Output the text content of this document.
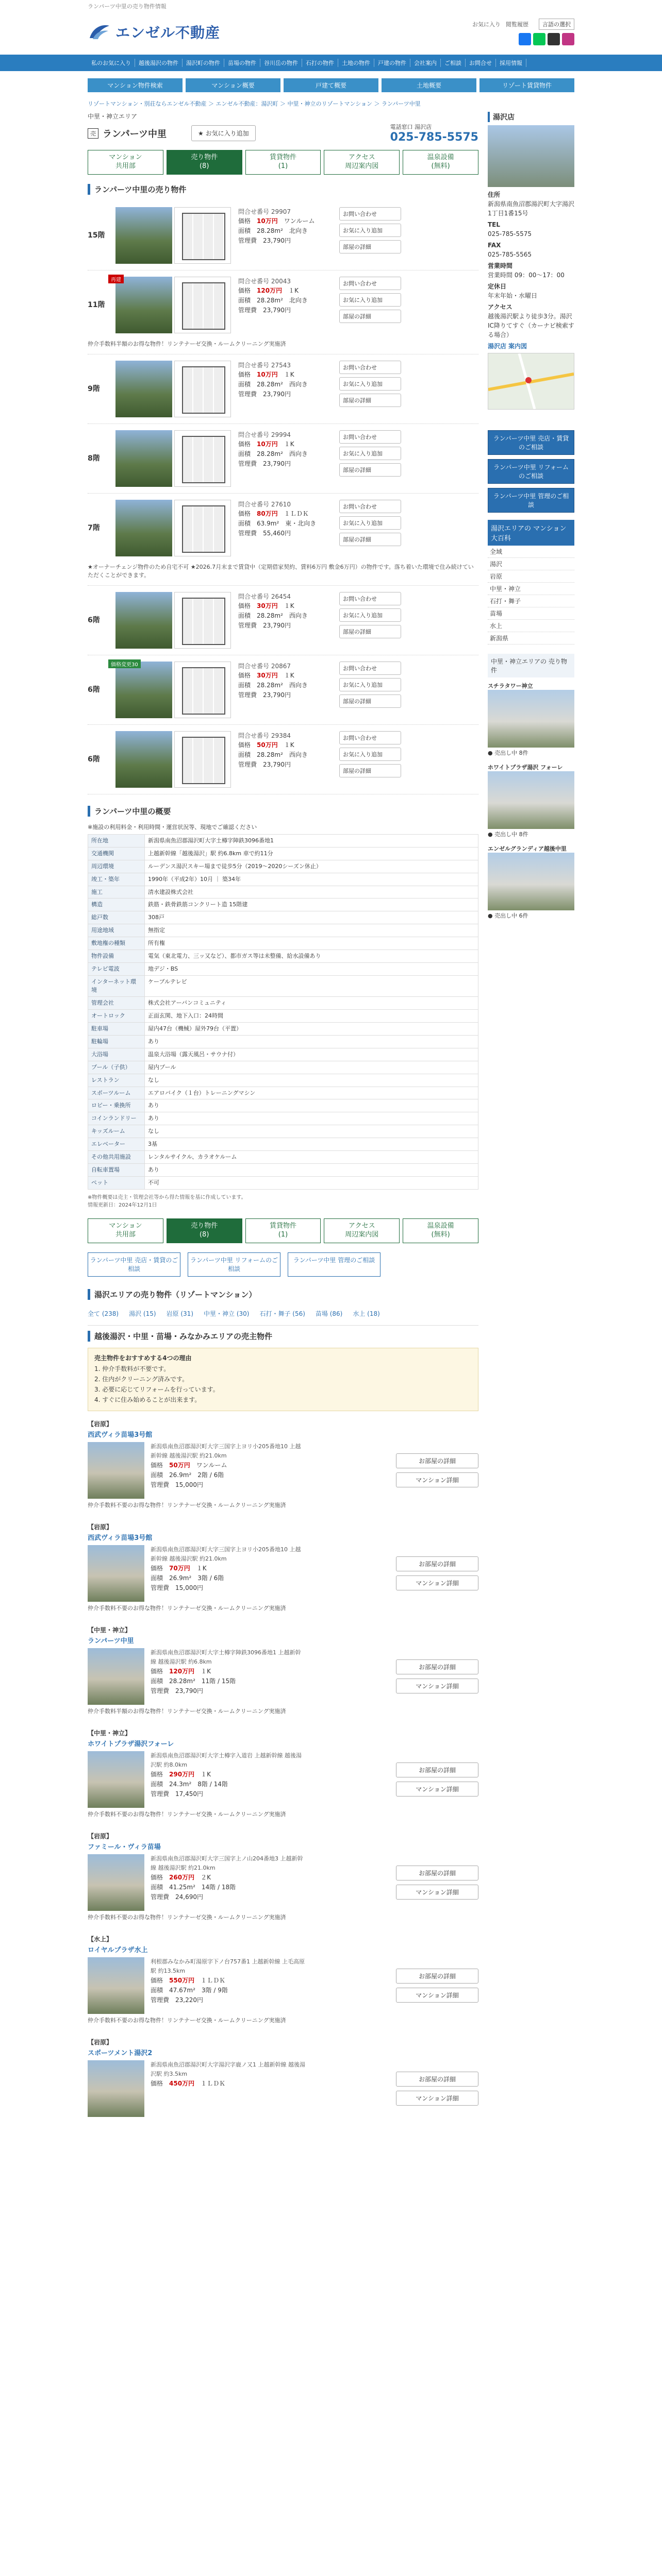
ランパーツ中里の売り物件情報
エンゼル不動産	お気に入り 閲覧履歴	言語の選択
私のお気に入り	越後湯沢の物件	湯沢町の物件	苗場の物件	谷川岳の物件	石打の物件	土地の物件	戸建の物件	会社案内	ご相談	お問合せ	採用情報
マンション物件検索	マンション概要	戸建て概要	土地概要	リゾート賃貸物件
リゾートマンション・別荘ならエンゼル不動産 ＞ エンゼル不動産：湯沢町 ＞ 中里・神立のリゾートマンション ＞ ランパーツ中里
中里・神立エリア
売 ランパーツ中里	★ お気に入り追加
電話窓口 湯沢店
025-785-5575
マンション
共用部
売り物件
(8)
賃貸物件
(1)
アクセス
周辺案内図
温泉設備
(無料)
ランパーツ中里の売り物件
15階
問合せ番号 29907
価格　 10万円　 ワンルーム
面積　 28.28m²　 北向き
管理費　 23,790円
お問い合わせ
お気に入り追加
部屋の詳細
再建
11階
問合せ番号 20043
価格　 120万円　 １K
面積　 28.28m²　 北向き
管理費　 23,790円
お問い合わせ
お気に入り追加
部屋の詳細
仲介手数料半額のお得な物件！リンテナーゼ交換・ルームクリーニング実施済
9階
問合せ番号 27543
価格　 10万円　 １K
面積　 28.28m²　 西向き
管理費　 23,790円
お問い合わせ
お気に入り追加
部屋の詳細
8階
問合せ番号 29994
価格　 10万円　 １K
面積　 28.28m²　 西向き
管理費　 23,790円
お問い合わせ
お気に入り追加
部屋の詳細
7階
問合せ番号 27610
価格　 80万円　 １ＬＤＫ
面積　 63.9m²　 東・北向き
管理費　 55,460円
お問い合わせ
お気に入り追加
部屋の詳細
★オーナーチェンジ物件のため自宅不可 ★2026.7月末まで賃貸中（定期借家契約、賃料6万円 敷金6万円）の物件です。落ち着いた環境で住み続けていただくことができます。
6階
問合せ番号 26454
価格　 30万円　 １K
面積　 28.28m²　 西向き
管理費　 23,790円
お問い合わせ
お気に入り追加
部屋の詳細
価格変更30
6階
問合せ番号 20867
価格　 30万円　 １K
面積　 28.28m²　 西向き
管理費　 23,790円
お問い合わせ
お気に入り追加
部屋の詳細
6階
問合せ番号 29384
価格　 50万円　 １K
面積　 28.28m²　 西向き
管理費　 23,790円
お問い合わせ
お気に入り追加
部屋の詳細
ランパーツ中里の概要
※施設の利用料金・利用時間・運営状況等、現地でご確認ください
所在地	新潟県南魚沼郡湯沢町大字土樽字陣鉄3096番地1
交通機関	上越新幹線「越後湯沢」駅 約6.8km 車で約11分
周辺環境	ルーデンス湯沢スキー場まで徒歩5分（2019～2020シーズン休止）
竣工・築年	1990年（平成2年）10月 ｜ 築34年
施工	清水建設株式会社
構造	鉄筋・鉄骨鉄筋コンクリート造 15階建
総戸数	308戸
用途地域	無指定
敷地権の種類	所有権
物件設備	電気（東北電力、三ッ又など）、都市ガス等は未整備、給水設備あり
テレビ電波	地デジ・BS
インターネット環境	ケーブルテレビ
管理会社	株式会社アーバンコミュニティ
オートロック	正面玄関、地下入口：24時間
駐車場	屋内47台（機械）屋外79台（平置）
駐輪場	あり
大浴場	温泉大浴場（露天風呂・サウナ付）
プール（子供）	屋内プール
レストラン	なし
スポーツルーム	エアロバイク（１台）トレーニングマシン
ロビー・乗換所	あり
コインランドリー	あり
キッズルーム	なし
エレベーター	3基
その他共用施設	レンタルサイクル、カラオケルーム
自転車置場	あり
ペット	不可
※物件概要は売主・管理会社等から得た情報を基に作成しています。
情報更新日：2024年12月1日
マンション
共用部
売り物件
(8)
賃貸物件
(1)
アクセス
周辺案内図
温泉設備
(無料)
ランパーツ中里 売店・賃貸のご相談
ランパーツ中里 リフォームのご相談
ランパーツ中里 管理のご相談
湯沢エリアの売り物件（リゾートマンション）
全て (238) 湯沢 (15) 岩原 (31) 中里・神立 (30) 石打・舞子 (56) 苗場 (86) 水上 (18)
越後湯沢・中里・苗場・みなかみエリアの売主物件
売主物件をおすすめする4つの理由
1. 仲介手数料が不要です。
2. 住内がクリーニング済みです。
3. 必要に応じてリフォームを行っています。
4. すぐに住み始めることが出来ます。
【岩原】
西武ヴィラ苗場3号館
新潟県南魚沼郡湯沢町大字三国字上ヨリ小205番地10 上越新幹線 越後湯沢駅 約21.0km
価格　 50万円　 ワンルーム
面積　 26.9m²　 2階 / 6階
管理費　 15,000円
お部屋の詳細
マンション詳細
仲介手数料不要のお得な物件！リンテナーゼ交換・ルームクリーニング実施済
【岩原】
西武ヴィラ苗場3号館
新潟県南魚沼郡湯沢町大字三国字上ヨリ小205番地10 上越新幹線 越後湯沢駅 約21.0km
価格　 70万円　 １K
面積　 26.9m²　 3階 / 6階
管理費　 15,000円
お部屋の詳細
マンション詳細
仲介手数料不要のお得な物件！リンテナーゼ交換・ルームクリーニング実施済
【中里・神立】
ランパーツ中里
新潟県南魚沼郡湯沢町大字土樽字陣鉄3096番地1 上越新幹線 越後湯沢駅 約6.8km
価格　 120万円　 １K
面積　 28.28m²　 11階 / 15階
管理費　 23,790円
お部屋の詳細
マンション詳細
仲介手数料半額のお得な物件！リンテナーゼ交換・ルームクリーニング実施済
【中里・神立】
ホワイトプラザ湯沢フォーレ
新潟県南魚沼郡湯沢町大字土樽字入道岩 上越新幹線 越後湯沢駅 約8.0km
価格　 290万円　 １K
面積　 24.3m²　 8階 / 14階
管理費　 17,450円
お部屋の詳細
マンション詳細
仲介手数料不要のお得な物件！リンテナーゼ交換・ルームクリーニング実施済
【岩原】
ファミール・ヴィラ苗場
新潟県南魚沼郡湯沢町大字三国字上ノ山204番地3 上越新幹線 越後湯沢駅 約21.0km
価格　 260万円　 ２K
面積　 41.25m²　 14階 / 18階
管理費　 24,690円
お部屋の詳細
マンション詳細
仲介手数料不要のお得な物件！リンテナーゼ交換・ルームクリーニング実施済
【水上】
ロイヤルプラザ水上
利根郡みなかみ町湯原字下ノ台757番1 上越新幹線 上毛高原駅 約13.5km
価格　 550万円　 １ＬＤＫ
面積　 47.67m²　 3階 / 9階
管理費　 23,220円
お部屋の詳細
マンション詳細
仲介手数料不要のお得な物件！リンテナーゼ交換・ルームクリーニング実施済
【岩原】
スポーツメント湯沢2
新潟県南魚沼郡湯沢町大字湯沢字鹿ノ又1 上越新幹線 越後湯沢駅 約3.5km
価格　 450万円　 １ＬＤＫ
お部屋の詳細
マンション詳細
湯沢店
住所
新潟県南魚沼郡湯沢町大字湯沢1丁目1番15号
TEL
025-785-5575
FAX
025-785-5565
営業時間
営業時間 09：00～17：00
定休日
年末年始・水曜日
アクセス
越後湯沢駅より徒歩3分。湯沢IC降りてすぐ（カーナビ検索する場合）
湯沢店 案内図
ランパーツ中里 売店・賃貸のご相談
ランパーツ中里 リフォームのご相談
ランパーツ中里 管理のご相談
湯沢エリアの マンション大百科
全域
湯沢
岩原
中里・神立
石打・舞子
苗場
水上
新潟県
中里・神立エリアの 売り物件
スチラタワー神立
● 売出し中 8件
ホワイトプラザ湯沢 フォーレ
● 売出し中 8件
エンゼルグランディア越後中里
● 売出し中 6件
